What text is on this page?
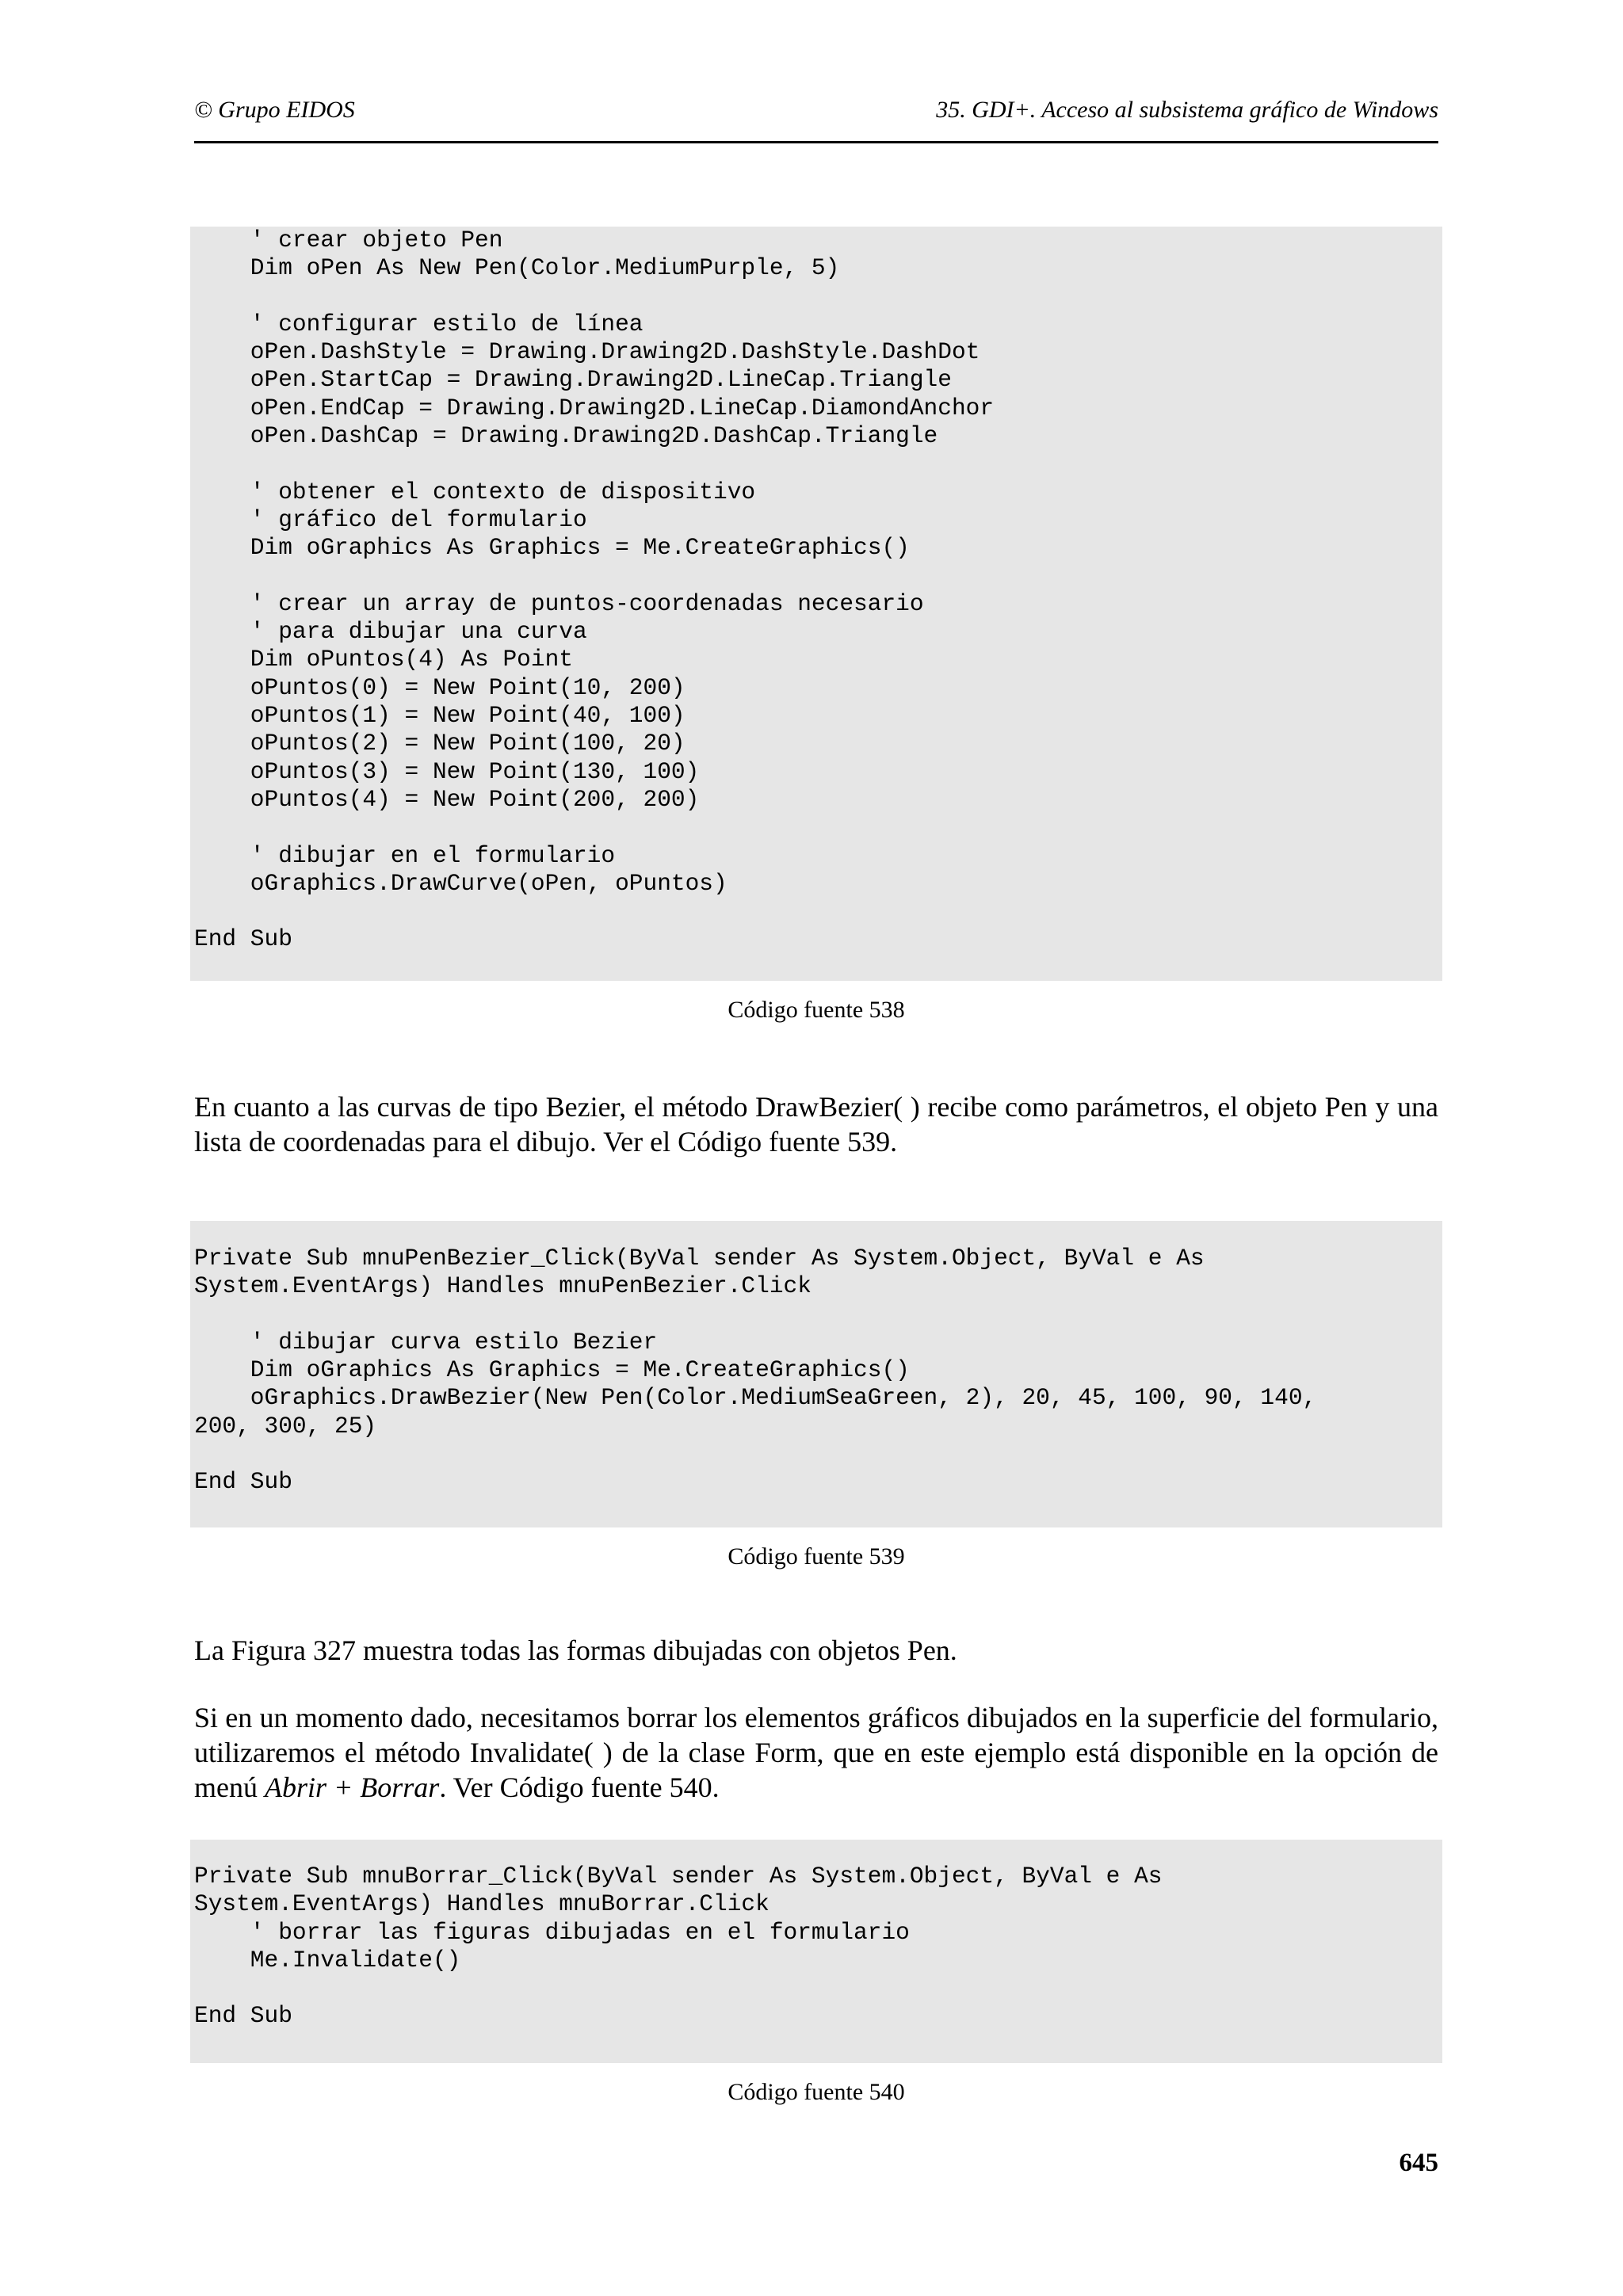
© Grupo EIDOS	35. GDI+. Acceso al subsistema gráfico de Windows
' crear objeto Pen
Dim oPen As New Pen(Color.MediumPurple, 5)
' configurar estilo de línea
oPen.DashStyle = Drawing.Drawing2D.DashStyle.DashDot
oPen.StartCap = Drawing.Drawing2D.LineCap.Triangle
oPen.EndCap = Drawing.Drawing2D.LineCap.DiamondAnchor
oPen.DashCap = Drawing.Drawing2D.DashCap.Triangle
' obtener el contexto de dispositivo
' gráfico del formulario
Dim oGraphics As Graphics = Me.CreateGraphics()
' crear un array de puntos-coordenadas necesario
' para dibujar una curva
Dim oPuntos(4) As Point
oPuntos(0) = New Point(10, 200)
oPuntos(1) = New Point(40, 100)
oPuntos(2) = New Point(100, 20)
oPuntos(3) = New Point(130, 100)
oPuntos(4) = New Point(200, 200)
' dibujar en el formulario
oGraphics.DrawCurve(oPen, oPuntos)
End Sub
Código fuente 538

En cuanto a las curvas de tipo Bezier, el método DrawBezier( ) recibe como parámetros, el objeto Pen y una lista de coordenadas para el dibujo. Ver el Código fuente 539.

Private Sub mnuPenBezier_Click(ByVal sender As System.Object, ByVal e As
System.EventArgs) Handles mnuPenBezier.Click
' dibujar curva estilo Bezier
Dim oGraphics As Graphics = Me.CreateGraphics()
oGraphics.DrawBezier(New Pen(Color.MediumSeaGreen, 2), 20, 45, 100, 90, 140,
200, 300, 25)
End Sub
Código fuente 539

La Figura 327 muestra todas las formas dibujadas con objetos Pen.

Si en un momento dado, necesitamos borrar los elementos gráficos dibujados en la superficie del formulario, utilizaremos el método Invalidate( ) de la clase Form, que en este ejemplo está disponible en la opción de menú Abrir + Borrar. Ver Código fuente 540.

Private Sub mnuBorrar_Click(ByVal sender As System.Object, ByVal e As
System.EventArgs) Handles mnuBorrar.Click
' borrar las figuras dibujadas en el formulario
Me.Invalidate()
End Sub
Código fuente 540
645
